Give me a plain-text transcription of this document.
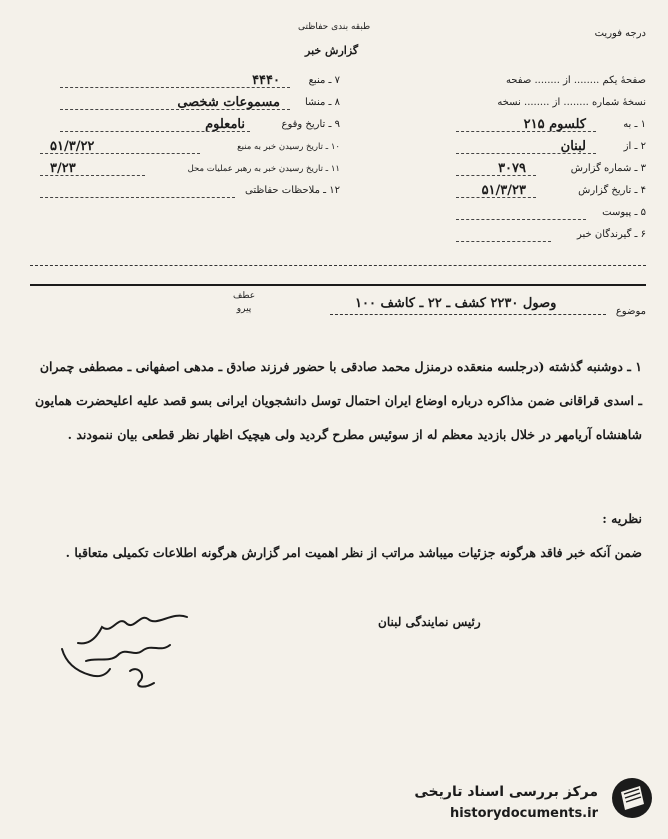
درجه فوریت
طبقه بندی حفاظتی
گزارش خبر
صفحهٔ یکم ........ از ........ صفحه
نسخهٔ شماره ........ از ........ نسخه
۱ ـ به
کلسوم ۲۱۵
۲ ـ از
لبنان
۳ ـ شماره گزارش
۳۰۷۹
۴ ـ تاریخ گزارش
۵۱/۳/۲۳
۵ ـ پیوست
۶ ـ گیرندگان خبر
۷ ـ منبع
۴۴۴۰
۸ ـ منشا
مسموعات شخصی
۹ ـ تاریخ وقوع
نامعلوم
۱۰ ـ تاریخ رسیدن خبر به منبع
۵۱/۳/۲۲
۱۱ ـ تاریخ رسیدن خبر به رهبر عملیات محل
۳/۲۳
۱۲ ـ ملاحظات حفاظتی
عطف
پیرو	موضوع
وصول ۲۲۳۰ کشف ـ ۲۲ ـ کاشف ۱۰۰
۱ ـ دوشنبه گذشته (درجلسه منعقده درمنزل محمد صادقی با حضور فرزند صادق ـ مدهی اصفهانی ـ مصطفی چمران ـ اسدی قراقانی ضمن مذاکره درباره اوضاع ایران احتمال توسل دانشجویان ایرانی بسو قصد علیه اعلیحضرت همایون شاهنشاه آریامهر در خلال بازدید معظم له از سوئیس مطرح گردید ولی هیچیک اظهار نظر قطعی بیان ننمودند .
نظریه :
ضمن آنکه خبر فاقد هرگونه جزئیات میباشد مراتب از نظر اهمیت امر گزارش هرگونه اطلاعات تکمیلی متعاقبا .
رئیس نمایندگی لبنان
مرکز بررسی اسناد تاریخی
historydocuments.ir
